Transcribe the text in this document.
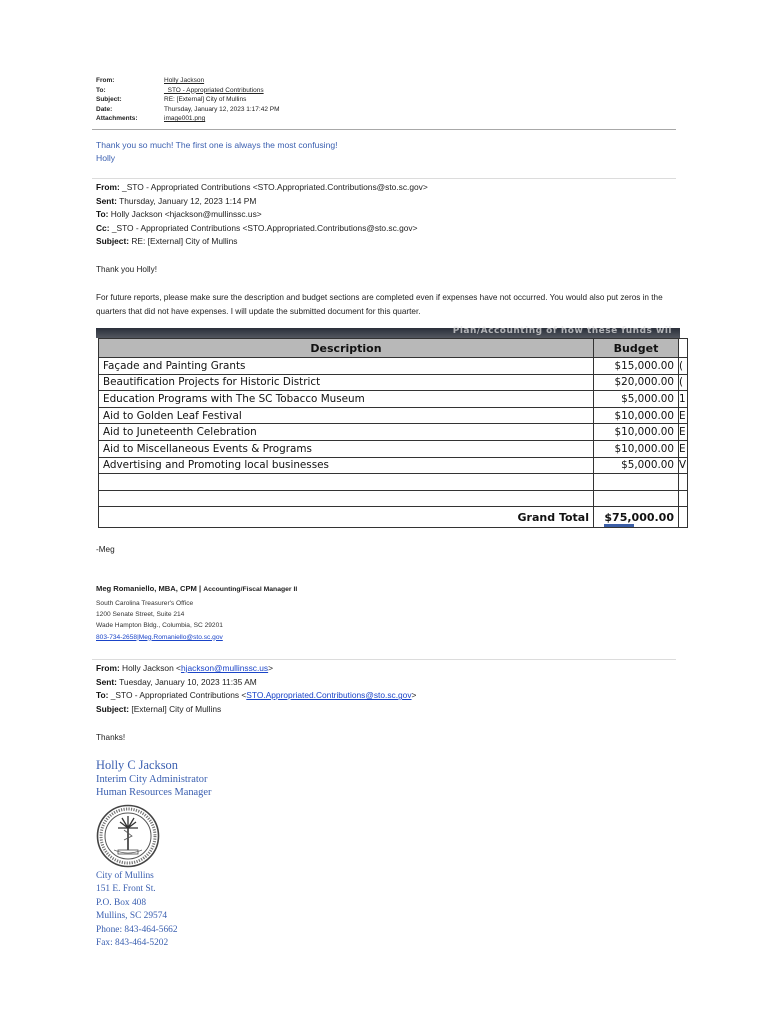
From:	Holly Jackson
To:	_STO - Appropriated Contributions
Subject:	RE: [External] City of Mullins
Date:	Thursday, January 12, 2023 1:17:42 PM
Attachments:	image001.png
Thank you so much! The first one is always the most confusing!
Holly
From: _STO - Appropriated Contributions <STO.Appropriated.Contributions@sto.sc.gov>
Sent: Thursday, January 12, 2023 1:14 PM
To: Holly Jackson <hjackson@mullinssc.us>
Cc: _STO - Appropriated Contributions <STO.Appropriated.Contributions@sto.sc.gov>
Subject: RE: [External] City of Mullins
Thank you Holly!
For future reports, please make sure the description and budget sections are completed even if expenses have not occurred. You would also put zeros in the quarters that did not have expenses. I will update the submitted document for this quarter.
Plan/Accounting of how these funds wil
Description	Budget	
Façade and Painting Grants	$15,000.00	(
Beautification Projects for Historic District	$20,000.00	(
Education Programs with The SC Tobacco Museum	$5,000.00	1
Aid to Golden Leaf Festival	$10,000.00	E
Aid to Juneteenth Celebration	$10,000.00	E
Aid to Miscellaneous Events & Programs	$10,000.00	E
Advertising and Promoting local businesses	$5,000.00	V

Grand Total	$75,000.00	
-Meg
Meg Romaniello, MBA, CPM | Accounting/Fiscal Manager II
South Carolina Treasurer's Office
1200 Senate Street, Suite 214
Wade Hampton Bldg., Columbia, SC 29201
803-734-2658|Meg.Romaniello@sto.sc.gov
From: Holly Jackson <hjackson@mullinssc.us>
Sent: Tuesday, January 10, 2023 11:35 AM
To: _STO - Appropriated Contributions <STO.Appropriated.Contributions@sto.sc.gov>
Subject: [External] City of Mullins
Thanks!
Holly C Jackson
Interim City Administrator
Human Resources Manager
City of Mullins
151 E. Front St.
P.O. Box 408
Mullins, SC 29574
Phone: 843-464-5662
Fax: 843-464-5202
